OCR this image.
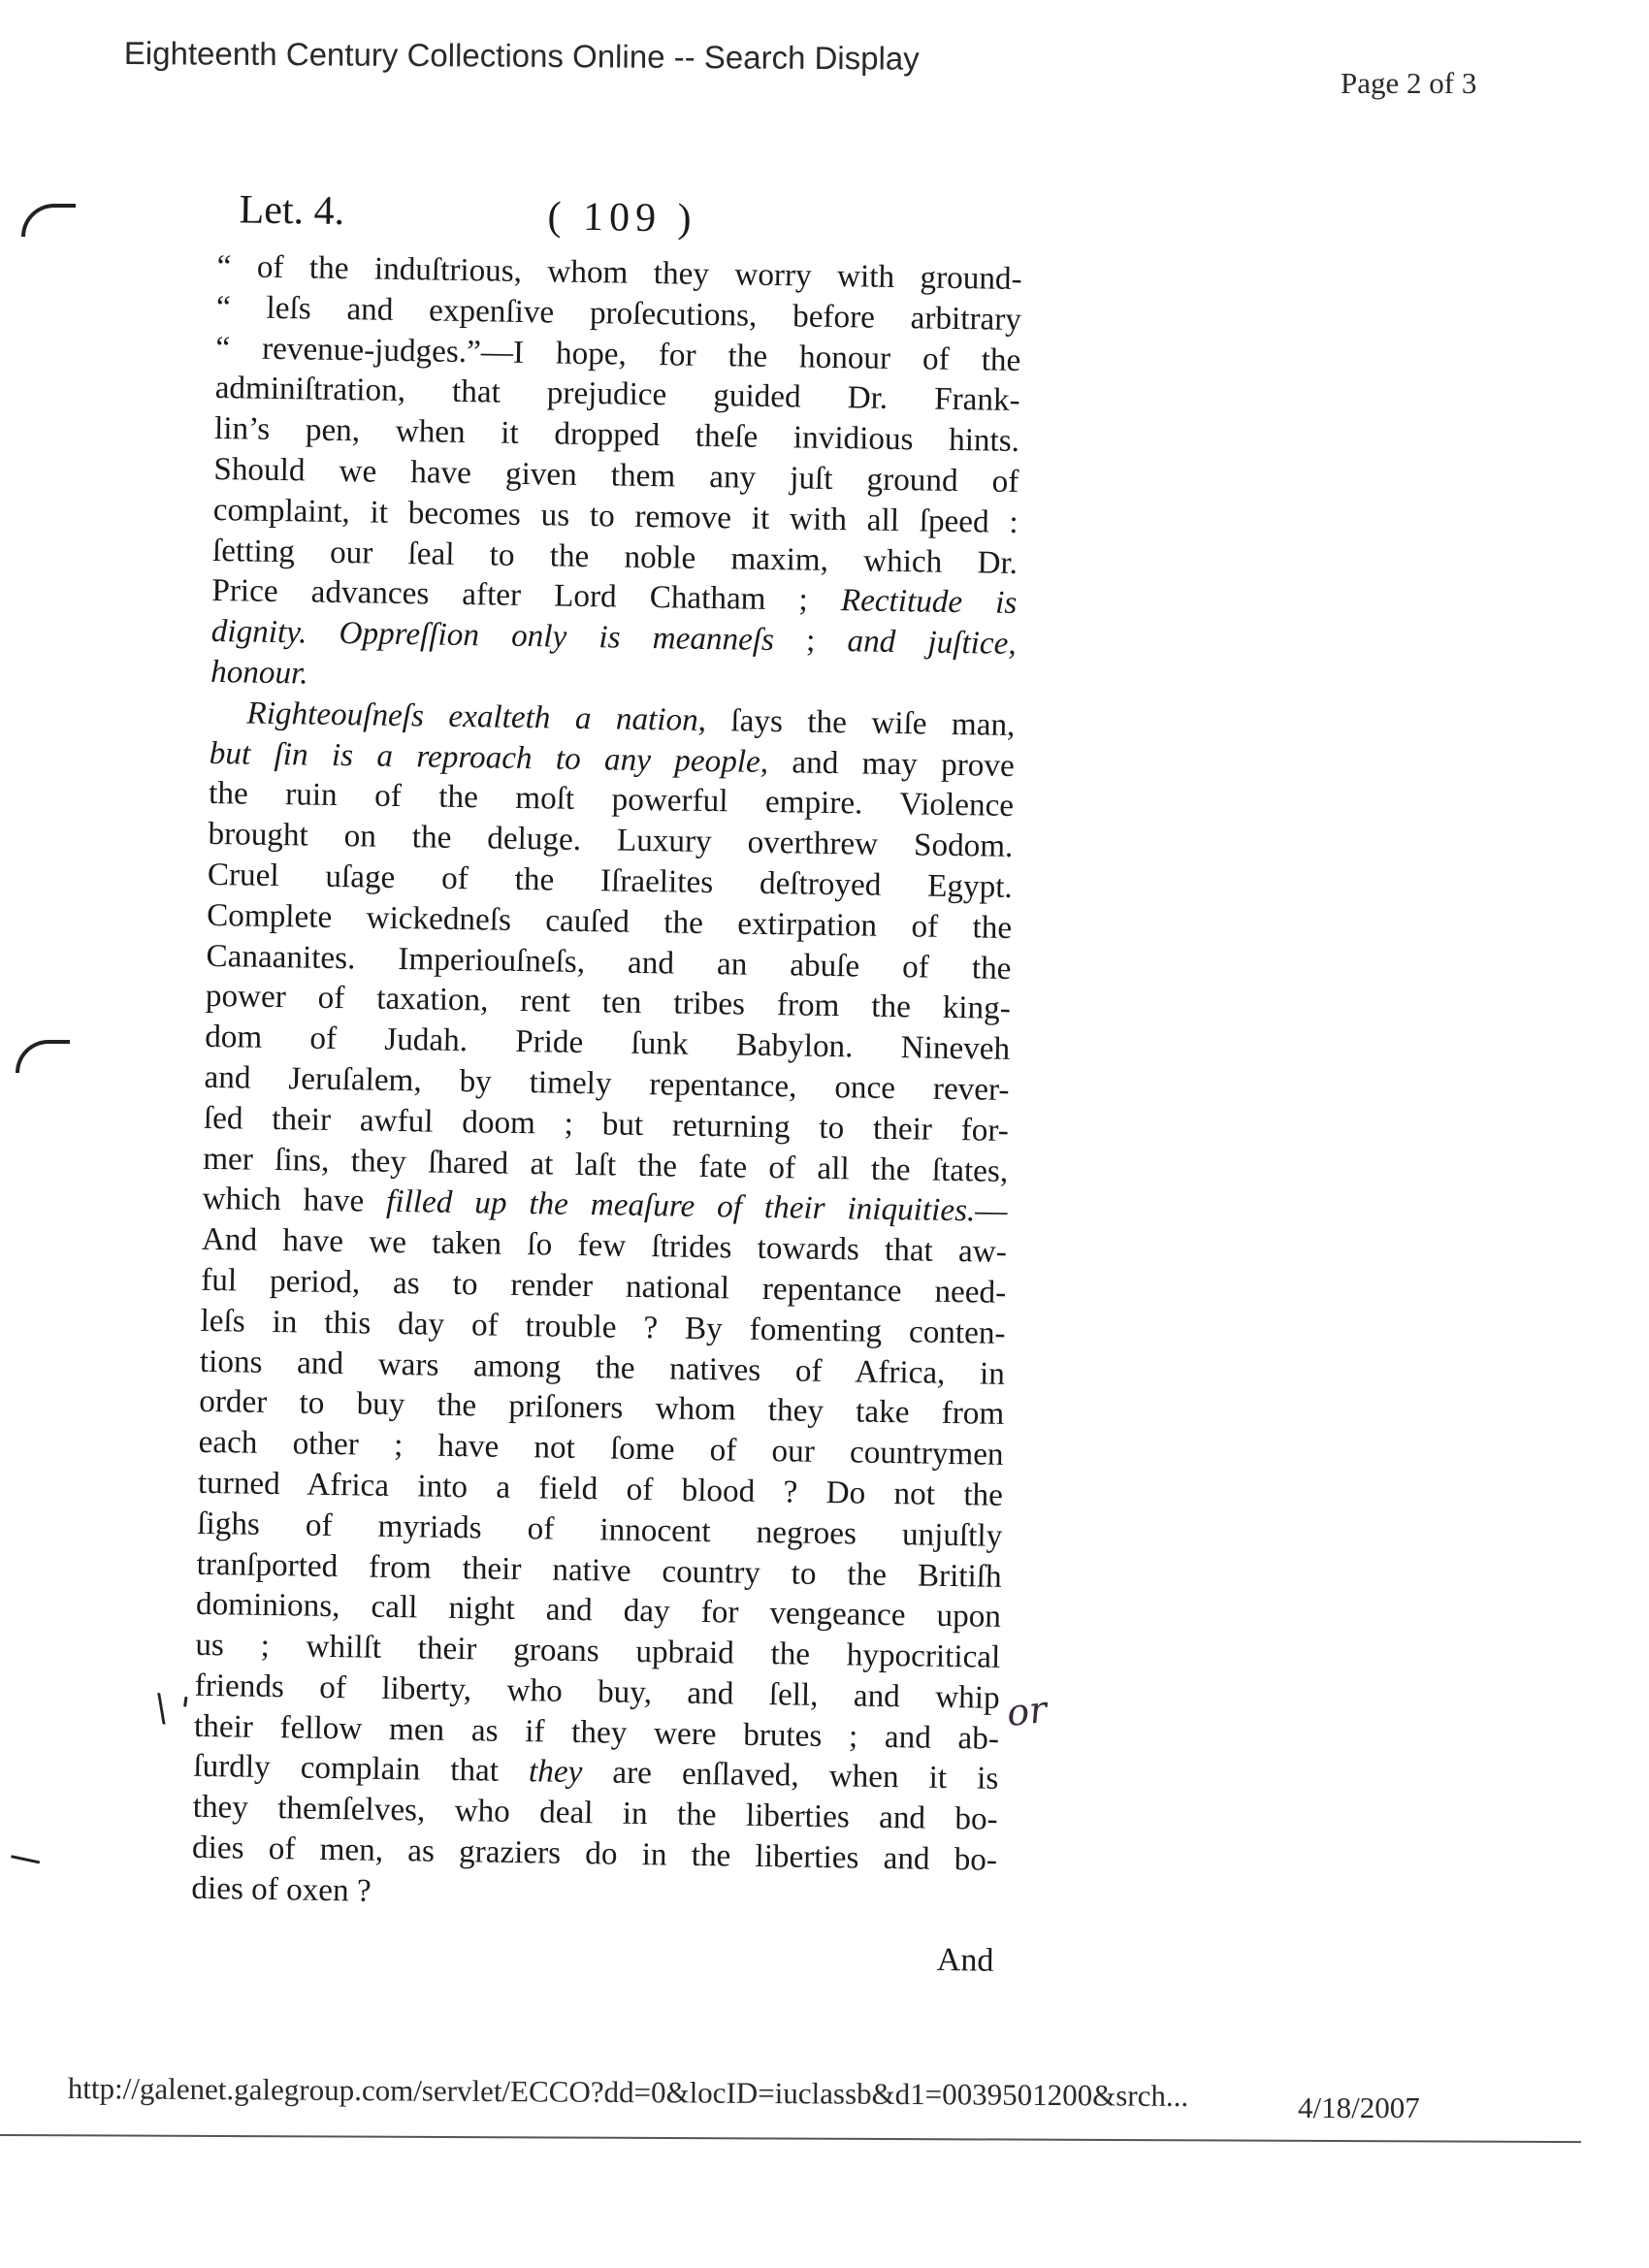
Eighteenth Century Collections Online -- Search Display
Page 2 of 3
Let. 4.	( 109 )
“ of the induſtrious, whom they worry with ground-
“ leſs and expenſive proſecutions, before arbitrary
“ revenue-judges.”—I hope, for the honour of the
adminiſtration, that prejudice guided Dr. Frank-
lin’s pen, when it dropped theſe invidious hints.
Should we have given them any juſt ground of
complaint, it becomes us to remove it with all ſpeed :
ſetting our ſeal to the noble maxim, which Dr.
Price advances after Lord Chatham ; Rectitude is
dignity. Oppreſſion only is meanneſs ; and juſtice,
honour.
Righteouſneſs exalteth a nation, ſays the wiſe man,
but ſin is a reproach to any people, and may prove
the ruin of the moſt powerful empire. Violence
brought on the deluge. Luxury overthrew Sodom.
Cruel uſage of the Iſraelites deſtroyed Egypt.
Complete wickedneſs cauſed the extirpation of the
Canaanites. Imperiouſneſs, and an abuſe of the
power of taxation, rent ten tribes from the king-
dom of Judah. Pride ſunk Babylon. Nineveh
and Jeruſalem, by timely repentance, once rever-
ſed their awful doom ; but returning to their for-
mer ſins, they ſhared at laſt the fate of all the ſtates,
which have filled up the meaſure of their iniquities.—
And have we taken ſo few ſtrides towards that aw-
ful period, as to render national repentance need-
leſs in this day of trouble ? By fomenting conten-
tions and wars among the natives of Africa, in
order to buy the priſoners whom they take from
each other ; have not ſome of our countrymen
turned Africa into a field of blood ? Do not the
ſighs of myriads of innocent negroes unjuſtly
tranſported from their native country to the Britiſh
dominions, call night and day for vengeance upon
us ; whilſt their groans upbraid the hypocritical
friends of liberty, who buy, and ſell, and whip
their fellow men as if they were brutes ; and ab-
ſurdly complain that they are enſlaved, when it is
they themſelves, who deal in the liberties and bo-
dies of men, as graziers do in the liberties and bo-
dies of oxen ?
And
\ '	or
http://galenet.galegroup.com/servlet/ECCO?dd=0&locID=iuclassb&d1=0039501200&srch...	4/18/2007
